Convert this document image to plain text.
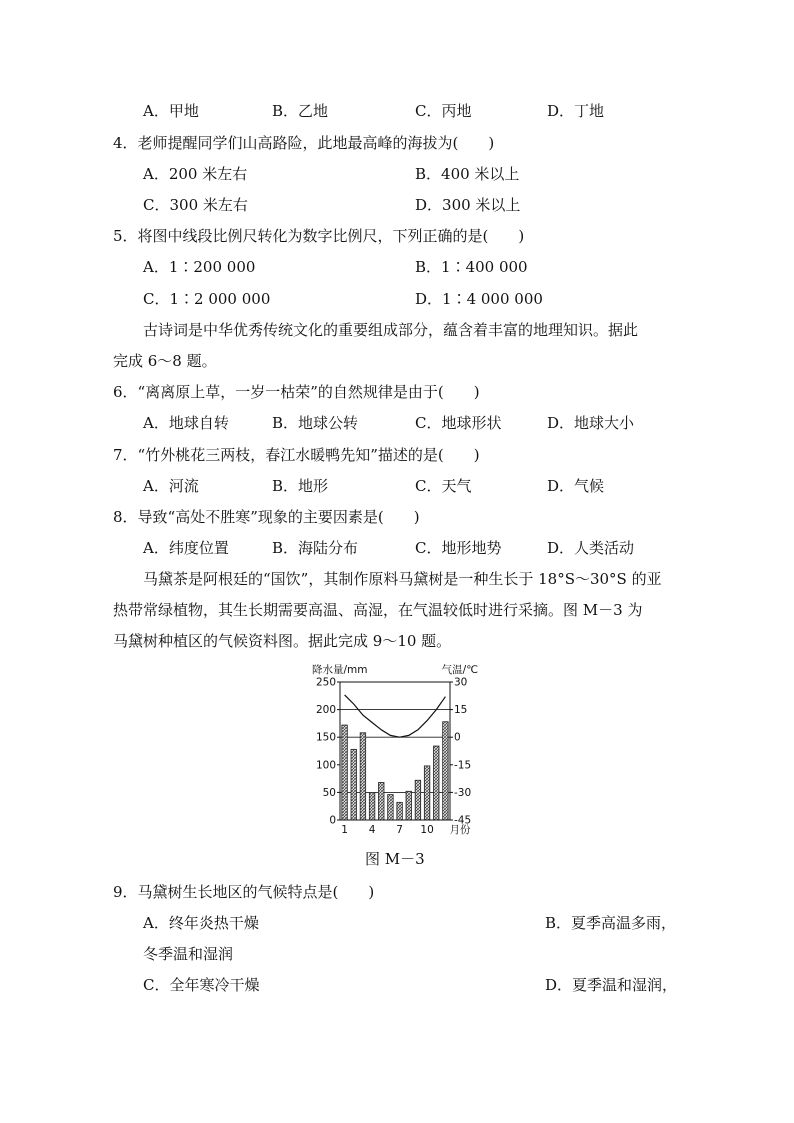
A．甲地	B．乙地	C．丙地	D．丁地
4．老师提醒同学们山高路险，此地最高峰的海拔为(　　)
A．200 米左右	B．400 米以上
C．300 米左右	D．300 米以上
5．将图中线段比例尺转化为数字比例尺，下列正确的是(　　)
A．1∶200 000	B．1∶400 000
C．1∶2 000 000	D．1∶4 000 000
古诗词是中华优秀传统文化的重要组成部分，蕴含着丰富的地理知识。据此
完成 6～8 题。
6．“离离原上草，一岁一枯荣”的自然规律是由于(　　)
A．地球自转	B．地球公转	C．地球形状	D．地球大小
7．“竹外桃花三两枝，春江水暖鸭先知”描述的是(　　)
A．河流	B．地形	C．天气	D．气候
8．导致“高处不胜寒”现象的主要因素是(　　)
A．纬度位置	B．海陆分布	C．地形地势	D．人类活动
马黛茶是阿根廷的“国饮”，其制作原料马黛树是一种生长于 18°S～30°S 的亚
热带常绿植物，其生长期需要高温、高湿，在气温较低时进行采摘。图 M－3 为
马黛树种植区的气候资料图。据此完成 9～10 题。
0
50
100
150
200
250	30
15
0
-15
-30
-45
1 4 7 10 月份
降水量/mm	气温/℃
图 M－3
9．马黛树生长地区的气候特点是(　　)
A．终年炎热干燥	B．夏季高温多雨，
冬季温和湿润
C．全年寒冷干燥	D．夏季温和湿润，
